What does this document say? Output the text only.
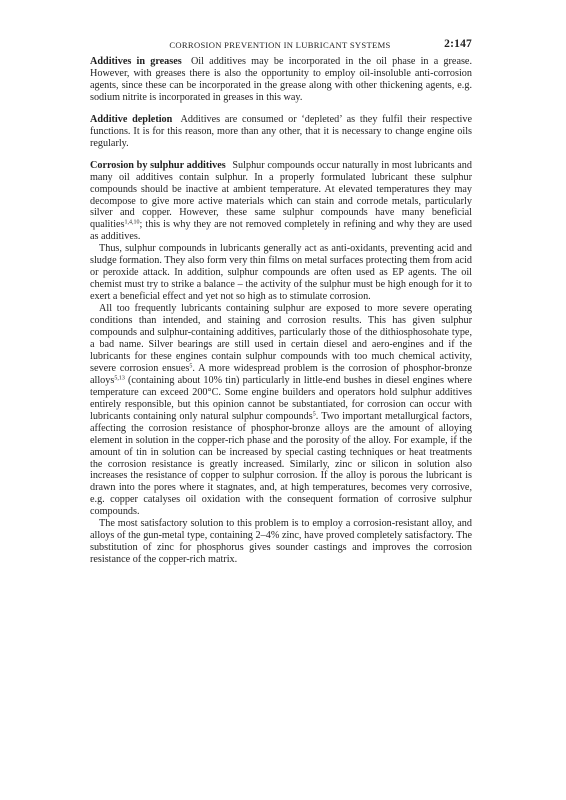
CORROSION PREVENTION IN LUBRICANT SYSTEMS	2:147

Additives in greases Oil additives may be incorporated in the oil phase in a grease. However, with greases there is also the opportunity to employ oil-insoluble anti-corrosion agents, since these can be incorporated in the grease along with other thickening agents, e.g. sodium nitrite is incorporated in greases in this way.

Additive depletion Additives are consumed or ‘depleted’ as they fulfil their respective functions. It is for this reason, more than any other, that it is necessary to change engine oils regularly.

Corrosion by sulphur additives Sulphur compounds occur naturally in most lubricants and many oil additives contain sulphur. In a properly formulated lubricant these sulphur compounds should be inactive at ambient temperature. At elevated temperatures they may decompose to give more active materials which can stain and corrode metals, particularly silver and copper. However, these same sulphur compounds have many beneficial qualities$^{1,4,10}$; this is why they are not removed completely in refining and why they are used as additives.

Thus, sulphur compounds in lubricants generally act as anti-oxidants, preventing acid and sludge formation. They also form very thin films on metal surfaces protecting them from acid or peroxide attack. In addition, sulphur compounds are often used as EP agents. The oil chemist must try to strike a balance – the activity of the sulphur must be high enough for it to exert a beneficial effect and yet not so high as to stimulate corrosion.

All too frequently lubricants containing sulphur are exposed to more severe operating conditions than intended, and staining and corrosion results. This has given sulphur compounds and sulphur-containing additives, particularly those of the dithiosphosohate type, a bad name. Silver bearings are still used in certain diesel and aero-engines and if the lubricants for these engines contain sulphur compounds with too much chemical activity, severe corrosion ensues$^5$. A more widespread problem is the corrosion of phosphor-bronze alloys$^{5,13}$ (containing about 10% tin) particularly in little-end bushes in diesel engines where temperature can exceed 200°C. Some engine builders and operators hold sulphur additives entirely responsible, but this opinion cannot be substantiated, for corrosion can occur with lubricants containing only natural sulphur compounds$^5$. Two important metallurgical factors, affecting the corrosion resistance of phosphor-bronze alloys are the amount of alloying element in solution in the copper-rich phase and the porosity of the alloy. For example, if the amount of tin in solution can be increased by special casting techniques or heat treatments the corrosion resistance is greatly increased. Similarly, zinc or silicon in solution also increases the resistance of copper to sulphur corrosion. If the alloy is porous the lubricant is drawn into the pores where it stagnates, and, at high temperatures, becomes very corrosive, e.g. copper catalyses oil oxidation with the consequent formation of corrosive sulphur compounds.

The most satisfactory solution to this problem is to employ a corrosion-resistant alloy, and alloys of the gun-metal type, containing 2–4% zinc, have proved completely satisfactory. The substitution of zinc for phosphorus gives sounder castings and improves the corrosion resistance of the copper-rich matrix.
